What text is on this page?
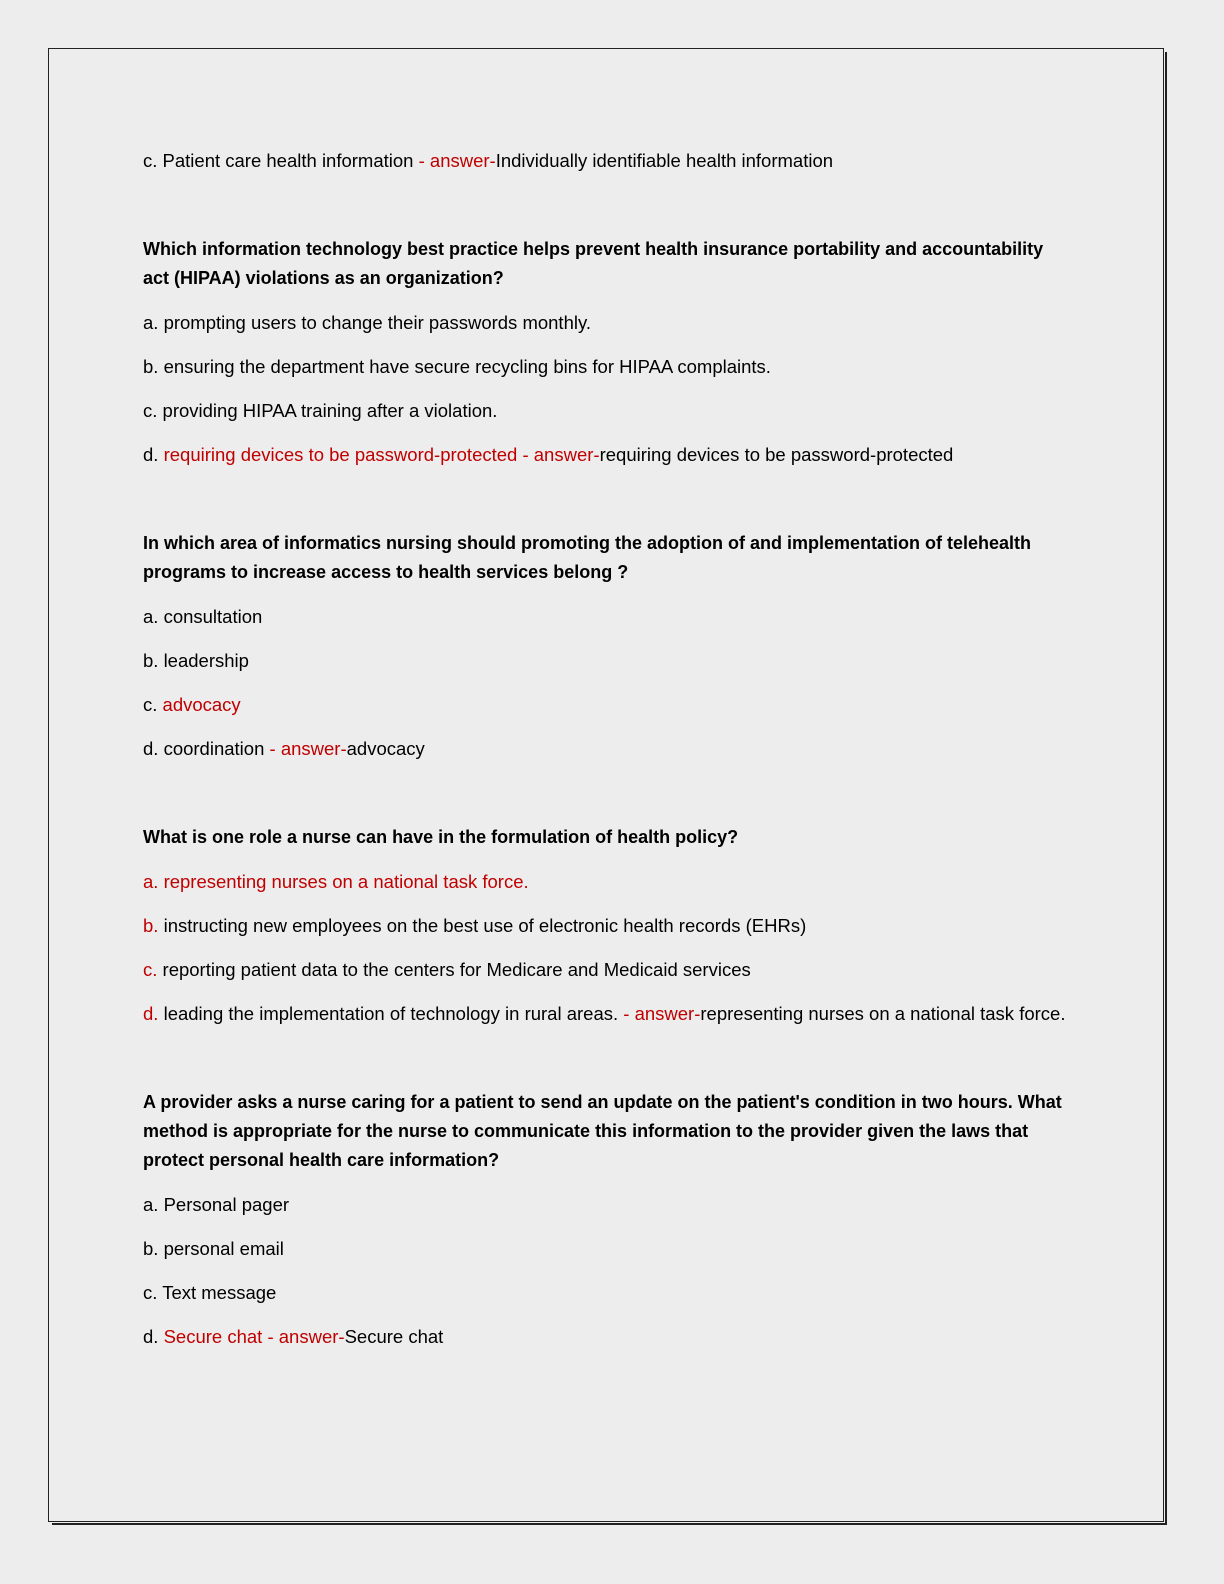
c. Patient care health information - answer-Individually identifiable health information

Which information technology best practice helps prevent health insurance portability and accountability act (HIPAA) violations as an organization?

a. prompting users to change their passwords monthly.

b. ensuring the department have secure recycling bins for HIPAA complaints.

c. providing HIPAA training after a violation.

d. requiring devices to be password-protected - answer-requiring devices to be password-protected

In which area of informatics nursing should promoting the adoption of and implementation of telehealth programs to increase access to health services belong ?

a. consultation

b. leadership

c. advocacy

d. coordination - answer-advocacy

What is one role a nurse can have in the formulation of health policy?

a. representing nurses on a national task force.

b. instructing new employees on the best use of electronic health records (EHRs)

c. reporting patient data to the centers for Medicare and Medicaid services

d. leading the implementation of technology in rural areas. - answer-representing nurses on a national task force.

A provider asks a nurse caring for a patient to send an update on the patient's condition in two hours. What method is appropriate for the nurse to communicate this information to the provider given the laws that protect personal health care information?

a. Personal pager

b. personal email

c. Text message

d. Secure chat - answer-Secure chat
